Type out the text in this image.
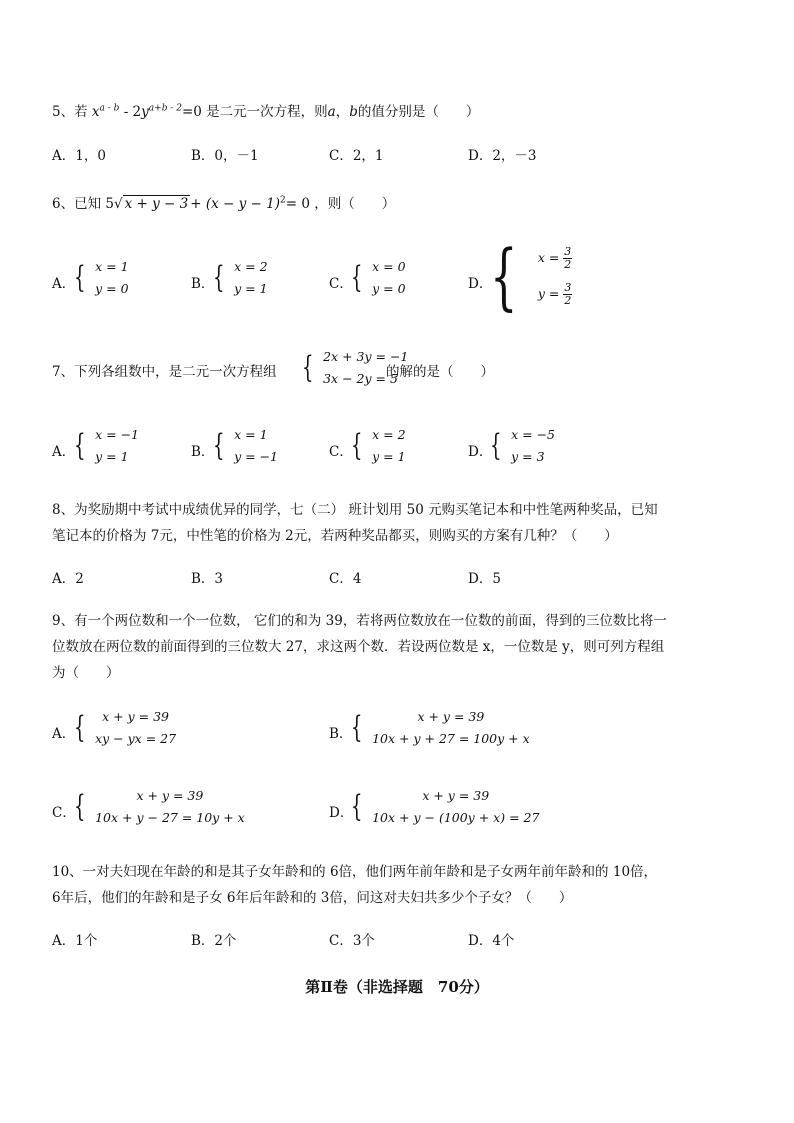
5、若 $x^{a - b} - 2y^{a+b - 2}=0$ 是二元一次方程，则a，b的值分别是（　　）
A．1，0	B．0，－1	C．2，1	D．2，－3
6、已知 5√ $x + y - 3 + (x - y - 1)^2= 0$ ，则（　　）
A．
{ x = 1
y = 0	B．
{ x = 2
y = 1	C．
{ x = 0
y = 0	D．
{ $x = \frac{3}{2}$
$y = \frac{3}{2}$
7、下列各组数中，是二元一次方程组 { 2x + 3y = −1
3x − 2y = 5
的解的是（　　）
A．
{ x = −1
y = 1	B．
{ x = 1
y = −1	C．
{ x = 2
y = 1	D．
{ x = −5
y = 3
8、为奖励期中考试中成绩优异的同学，七（二） 班计划用 50 元购买笔记本和中性笔两种奖品，已知
笔记本的价格为 7元，中性笔的价格为 2元，若两种奖品都买，则购买的方案有几种？（　　）
A．2	B．3	C．4	D．5
9、有一个两位数和一个一位数， 它们的和为 39，若将两位数放在一位数的前面，得到的三位数比将一
位数放在两位数的前面得到的三位数大 27，求这两个数．若设两位数是 x，一位数是 y，则可列方程组
为（　　）
A．
{	x + y = 39
xy − yx = 27	B．
{	x + y = 39
10x + y + 27 = 100y + x
C．
{	x + y = 39
10x + y − 27 = 10y + x	D．
{	x + y = 39
10x + y − (100y + x) = 27
10、一对夫妇现在年龄的和是其子女年龄和的 6倍，他们两年前年龄和是子女两年前年龄和的 10倍，
6年后，他们的年龄和是子女 6年后年龄和的 3倍，问这对夫妇共多少个子女？（　　）
A．1个	B．2个	C．3个	D．4个
第Ⅱ卷（非选择题　70分）
